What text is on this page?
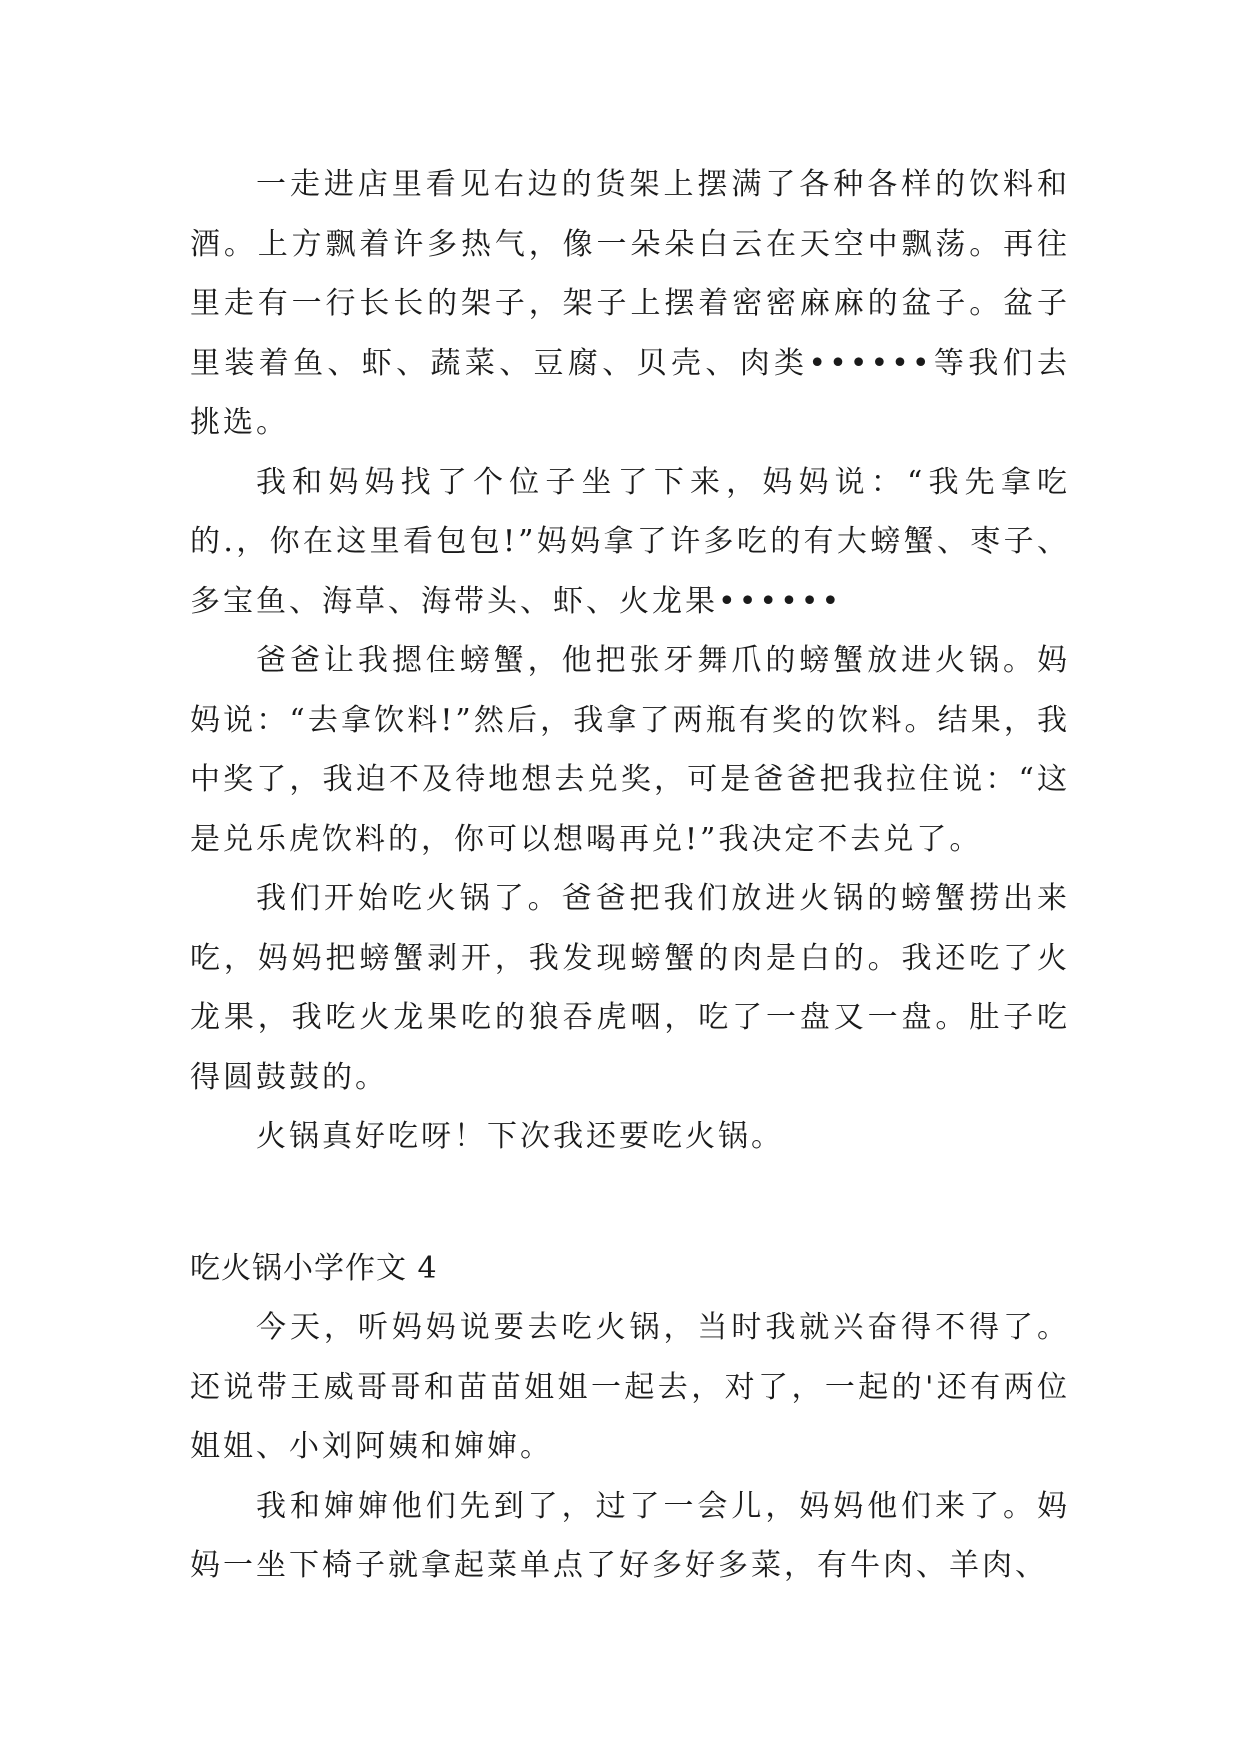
一走进店里看见右边的货架上摆满了各种各样的饮料和酒。上方飘着许多热气，像一朵朵白云在天空中飘荡。再往里走有一行长长的架子，架子上摆着密密麻麻的盆子。盆子里装着鱼、虾、蔬菜、豆腐、贝壳、肉类••••••等我们去挑选。

我和妈妈找了个位子坐了下来，妈妈说：“我先拿吃的.，你在这里看包包!”妈妈拿了许多吃的有大螃蟹、枣子、多宝鱼、海草、海带头、虾、火龙果••••••

爸爸让我摁住螃蟹，他把张牙舞爪的螃蟹放进火锅。妈妈说：“去拿饮料!”然后，我拿了两瓶有奖的饮料。结果，我中奖了，我迫不及待地想去兑奖，可是爸爸把我拉住说：“这是兑乐虎饮料的，你可以想喝再兑!”我决定不去兑了。

我们开始吃火锅了。爸爸把我们放进火锅的螃蟹捞出来吃，妈妈把螃蟹剥开，我发现螃蟹的肉是白的。我还吃了火龙果，我吃火龙果吃的狼吞虎咽，吃了一盘又一盘。肚子吃得圆鼓鼓的。

火锅真好吃呀！下次我还要吃火锅。

吃火锅小学作文 4

今天，听妈妈说要去吃火锅，当时我就兴奋得不得了。还说带王威哥哥和苗苗姐姐一起去，对了，一起的'还有两位姐姐、小刘阿姨和婶婶。

我和婶婶他们先到了，过了一会儿，妈妈他们来了。妈妈一坐下椅子就拿起菜单点了好多好多菜，有牛肉、羊肉、
